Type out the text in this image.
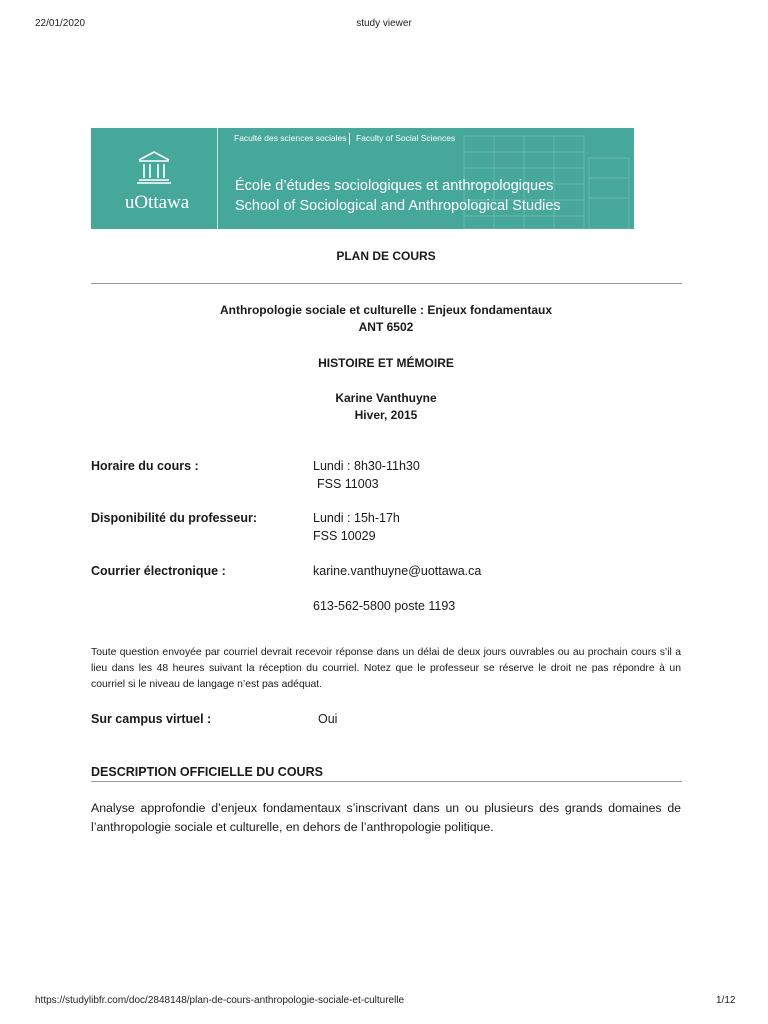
22/01/2020	study viewer
uOttawa
Faculté des sciences sociales Faculty of Social Sciences
École d’études sociologiques et anthropologiques
School of Sociological and Anthropological Studies
PLAN DE COURS
Anthropologie sociale et culturelle : Enjeux fondamentaux
ANT 6502
HISTOIRE ET MÉMOIRE
Karine Vanthuyne
Hiver, 2015
Horaire du cours :	Lundi : 8h30-11h30
FSS 11003
Disponibilité du professeur:	Lundi : 15h-17h
FSS 10029
Courrier électronique :	karine.vanthuyne@uottawa.ca
613-562-5800 poste 1193
Toute question envoyée par courriel devrait recevoir réponse dans un délai de deux jours ouvrables ou au prochain cours s’il a lieu dans les 48 heures suivant la réception du courriel. Notez que le professeur se réserve le droit ne pas répondre à un courriel si le niveau de langage n’est pas adéquat.
Sur campus virtuel :	Oui
DESCRIPTION OFFICIELLE DU COURS
Analyse approfondie d’enjeux fondamentaux s’inscrivant dans un ou plusieurs des grands domaines de l’anthropologie sociale et culturelle, en dehors de l’anthropologie politique.
https://studylibfr.com/doc/2848148/plan-de-cours-anthropologie-sociale-et-culturelle	1/12
